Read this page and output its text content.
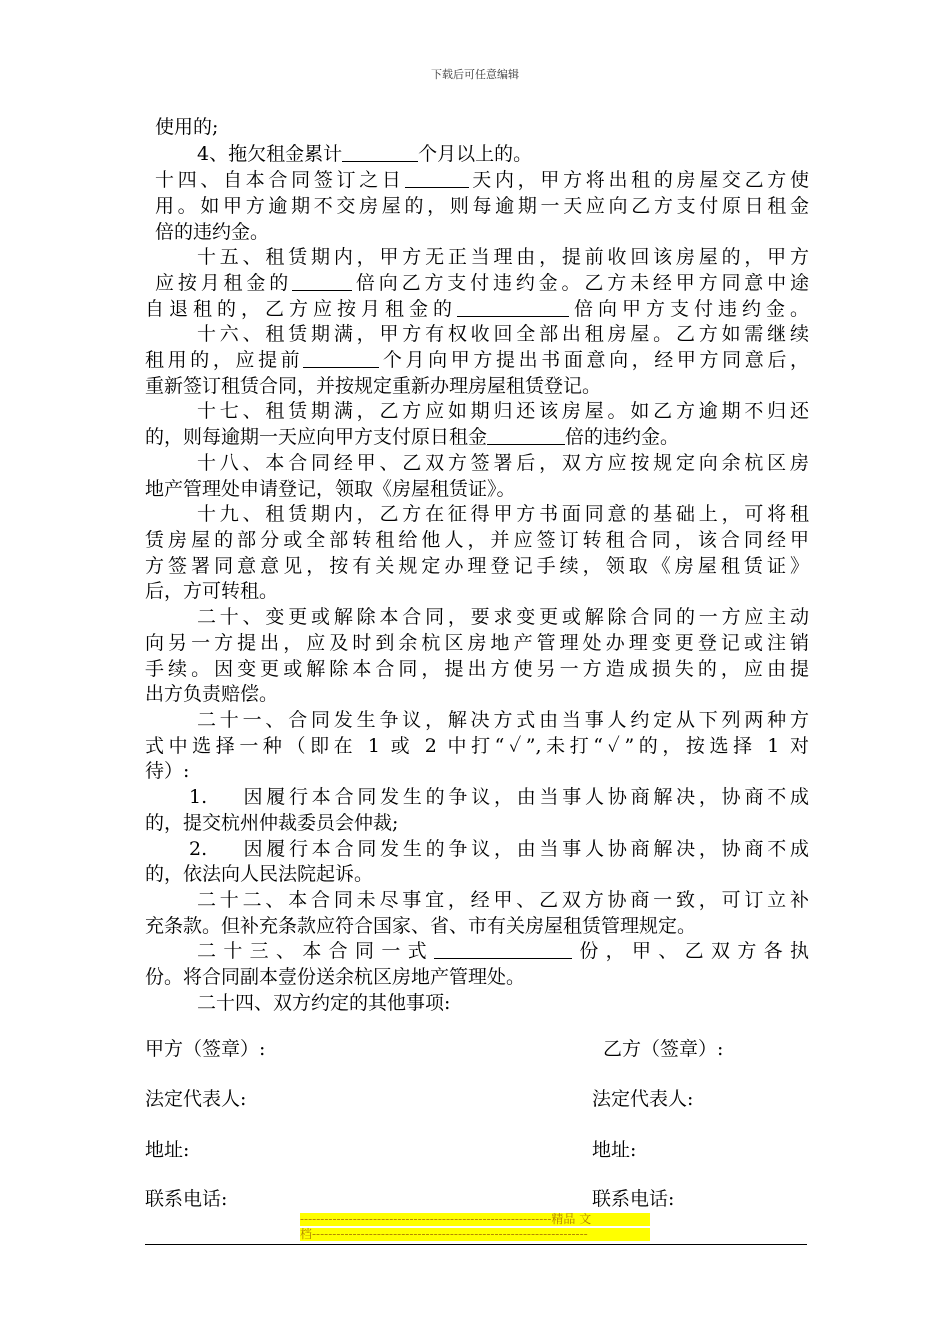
下载后可任意编辑
使用的;
4、拖欠租金累计	个月以上的。
十四、自本合同签订之日	天内，甲方将出租的房屋交乙方使
用。如甲方逾期不交房屋的，则每逾期一天应向乙方支付原日租金
倍的违约金。
十五、租赁期内，甲方无正当理由，提前收回该房屋的，甲方
应按月租金的	倍向乙方支付违约金。乙方未经甲方同意中途
自退租的，乙方应按月租金的	倍向甲方支付违约金。
十六、租赁期满，甲方有权收回全部出租房屋。乙方如需继续
租用的，应提前	个月向甲方提出书面意向，经甲方同意后，
重新签订租赁合同，并按规定重新办理房屋租赁登记。
十七、租赁期满，乙方应如期归还该房屋。如乙方逾期不归还
的，则每逾期一天应向甲方支付原日租金	倍的违约金。
十八、本合同经甲、乙双方签署后，双方应按规定向余杭区房
地产管理处申请登记，领取《房屋租赁证》。
十九、租赁期内，乙方在征得甲方书面同意的基础上，可将租
赁房屋的部分或全部转租给他人，并应签订转租合同，该合同经甲
方签署同意意见，按有关规定办理登记手续，领取《房屋租赁证》
后，方可转租。
二十、变更或解除本合同，要求变更或解除合同的一方应主动
向另一方提出，应及时到余杭区房地产管理处办理变更登记或注销
手续。因变更或解除本合同，提出方使另一方造成损失的，应由提
出方负责赔偿。
二十一、合同发生争议，解决方式由当事人约定从下列两种方
式中选择一种（即在 1 或 2 中打“✓”,未打“✓”的，按选择 1 对
待）:
1.　 因履行本合同发生的争议，由当事人协商解决，协商不成
的，提交杭州仲裁委员会仲裁;
2.　 因履行本合同发生的争议，由当事人协商解决，协商不成
的，依法向人民法院起诉。
二十二、本合同未尽事宜，经甲、乙双方协商一致，可订立补
充条款。但补充条款应符合国家、省、市有关房屋租赁管理规定。
二十三、本合同一式	份，甲、乙双方各执
份。将合同副本壹份送余杭区房地产管理处。
二十四、双方约定的其他事项:
甲方（签章）:	乙方（签章）:
法定代表人:	法定代表人:
地址:	地址:
联系电话:	联系电话:
--------------------------------------------------------------精品 文
档--------------------------------------------------------------------
